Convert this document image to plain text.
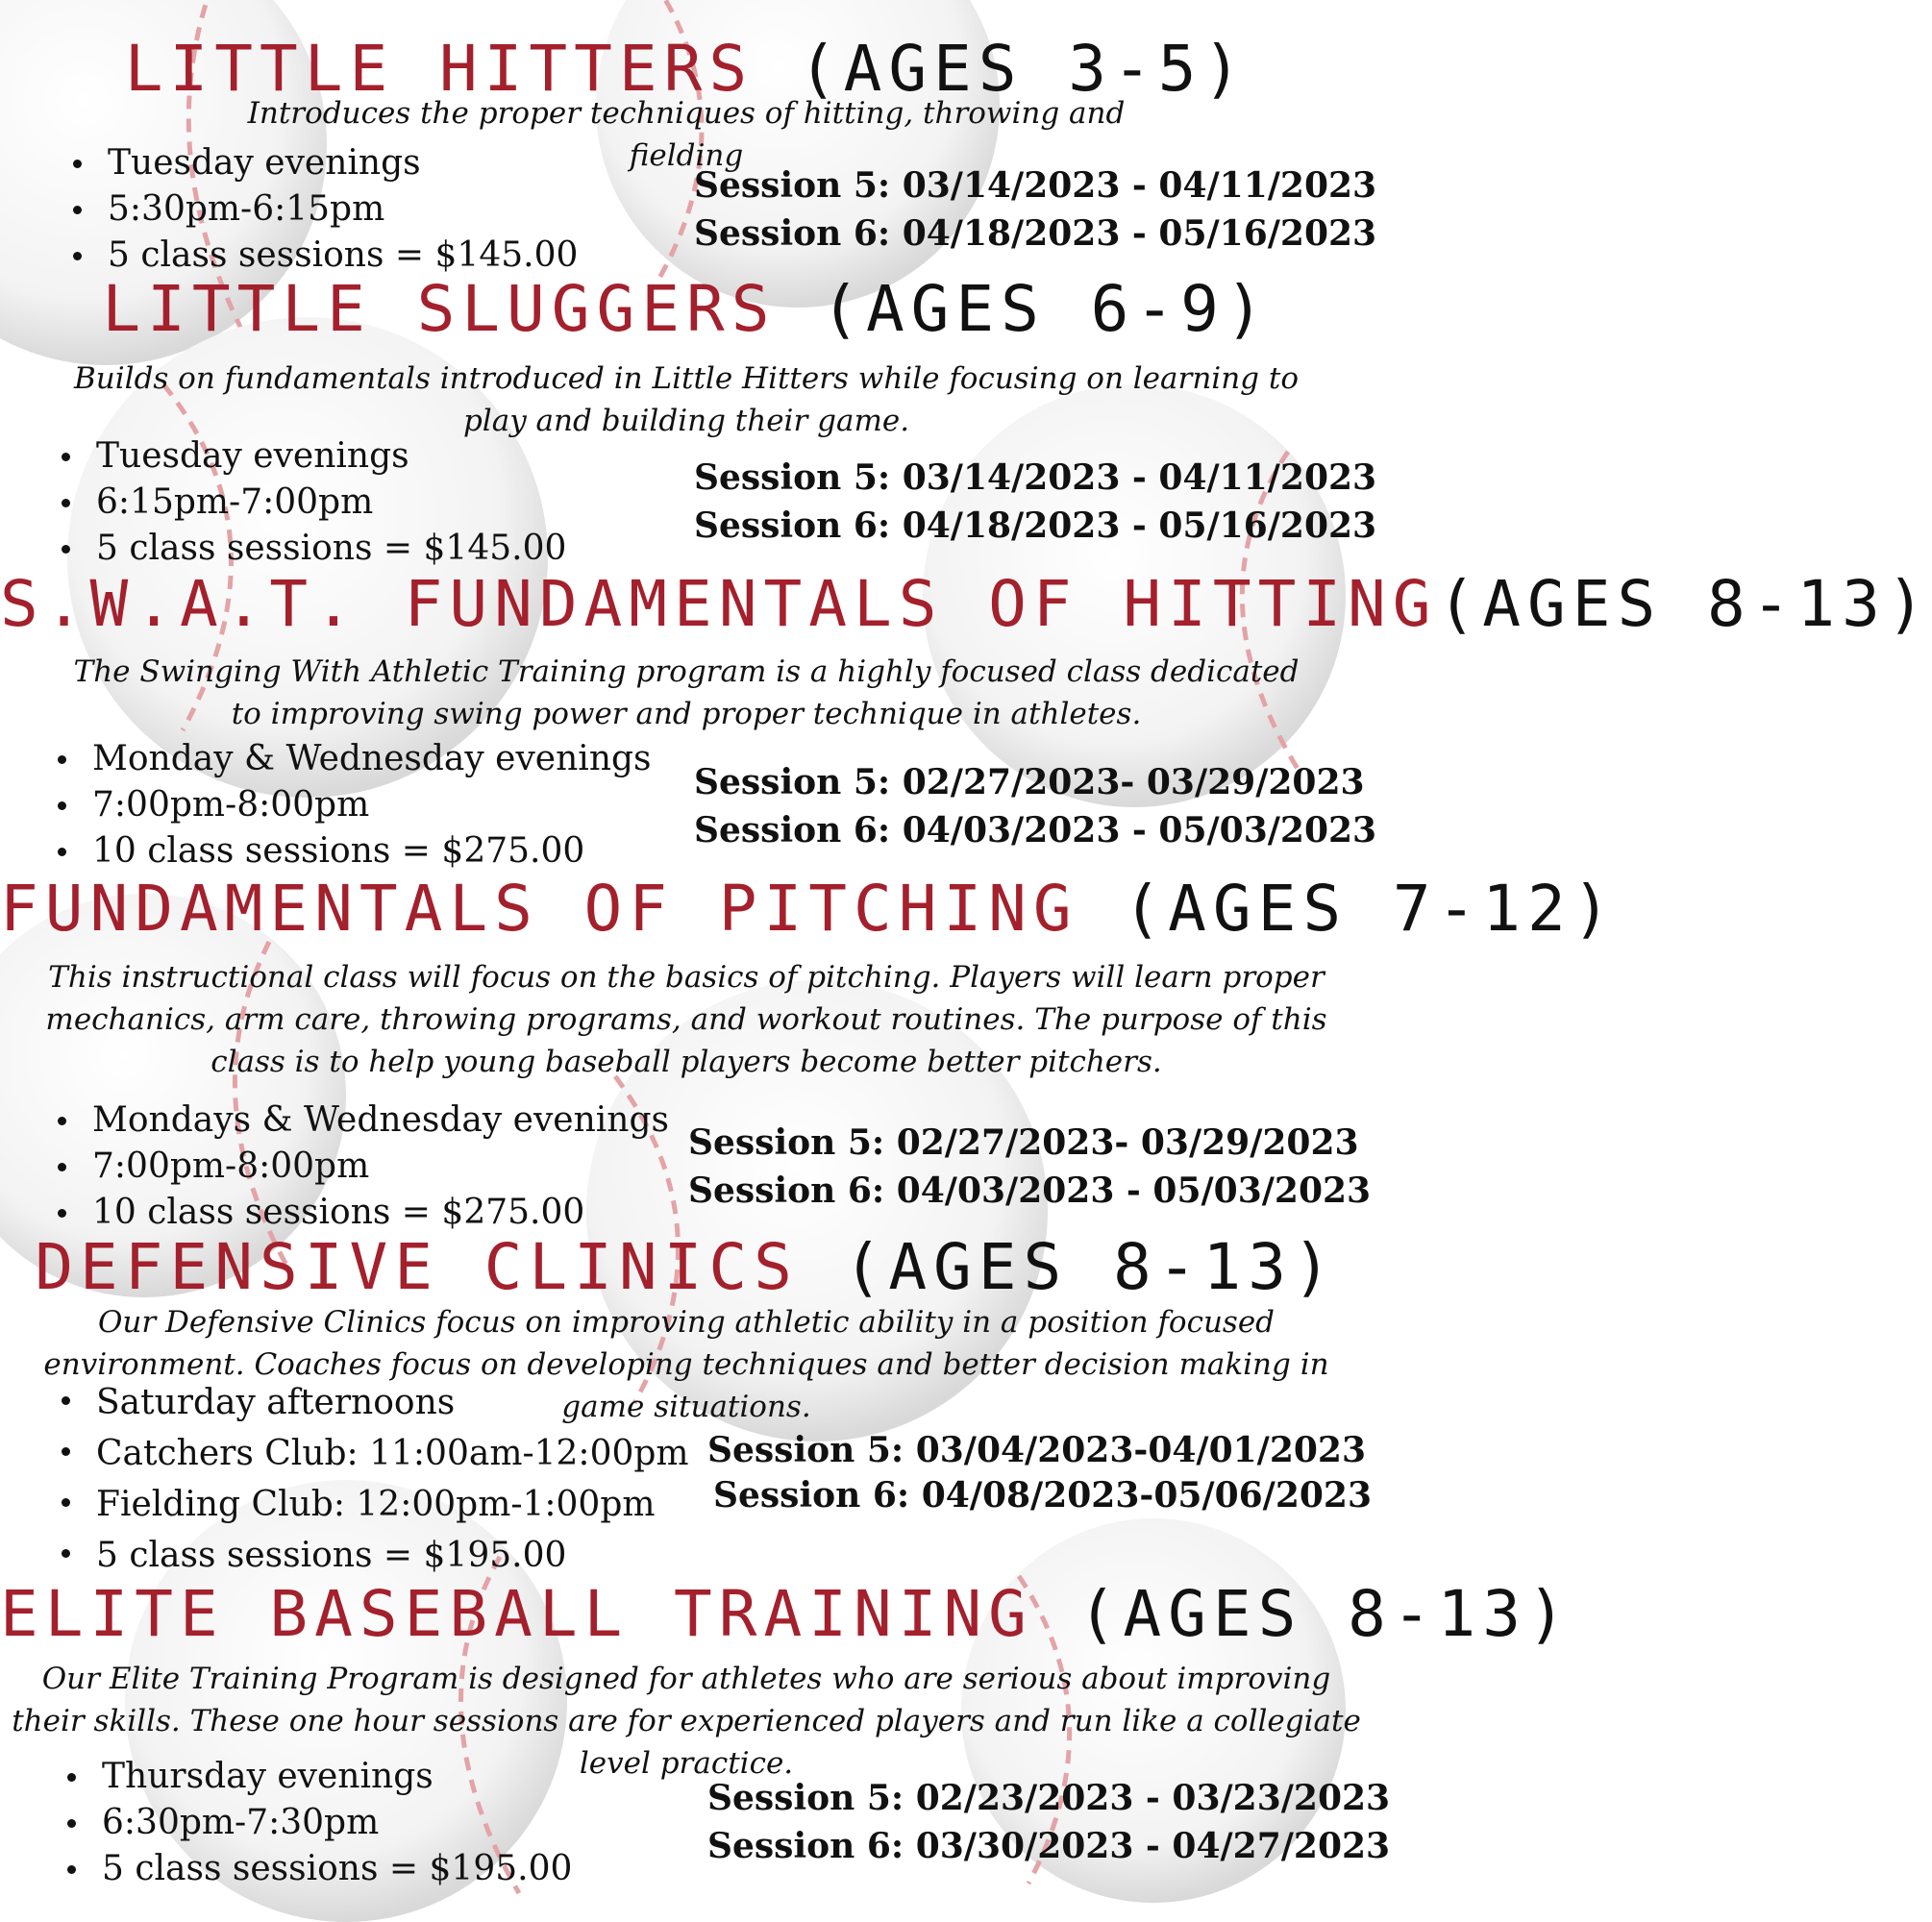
LITTLE HITTERS (AGES 3-5)
Introduces the proper techniques of hitting, throwing and fielding
Tuesday evenings
5:30pm-6:15pm
5 class sessions = $145.00
Session 5: 03/14/2023 - 04/11/2023
Session 6: 04/18/2023 - 05/16/2023
LITTLE SLUGGERS (AGES 6-9)
Builds on fundamentals introduced in Little Hitters while focusing on learning to play and building their game.
Tuesday evenings
6:15pm-7:00pm
5 class sessions = $145.00
Session 5: 03/14/2023 - 04/11/2023
Session 6: 04/18/2023 - 05/16/2023
S.W.A.T. FUNDAMENTALS OF HITTING(AGES 8-13)
The Swinging With Athletic Training program is a highly focused class dedicated to improving swing power and proper technique in athletes.
Monday & Wednesday evenings
7:00pm-8:00pm
10 class sessions = $275.00
Session 5: 02/27/2023- 03/29/2023
Session 6: 04/03/2023 - 05/03/2023
FUNDAMENTALS OF PITCHING (AGES 7-12)
This instructional class will focus on the basics of pitching. Players will learn proper mechanics, arm care, throwing programs, and workout routines. The purpose of this class is to help young baseball players become better pitchers.
Mondays & Wednesday evenings
7:00pm-8:00pm
10 class sessions = $275.00
Session 5: 02/27/2023- 03/29/2023
Session 6: 04/03/2023 - 05/03/2023
DEFENSIVE CLINICS (AGES 8-13)
Our Defensive Clinics focus on improving athletic ability in a position focused environment. Coaches focus on developing techniques and better decision making in game situations.
Saturday afternoons
Catchers Club: 11:00am-12:00pm
Fielding Club: 12:00pm-1:00pm
5 class sessions = $195.00
Session 5: 03/04/2023-04/01/2023
Session 6: 04/08/2023-05/06/2023
ELITE BASEBALL TRAINING (AGES 8-13)
Our Elite Training Program is designed for athletes who are serious about improving their skills. These one hour sessions are for experienced players and run like a collegiate level practice.
Thursday evenings
6:30pm-7:30pm
5 class sessions = $195.00
Session 5: 02/23/2023 - 03/23/2023
Session 6: 03/30/2023 - 04/27/2023
